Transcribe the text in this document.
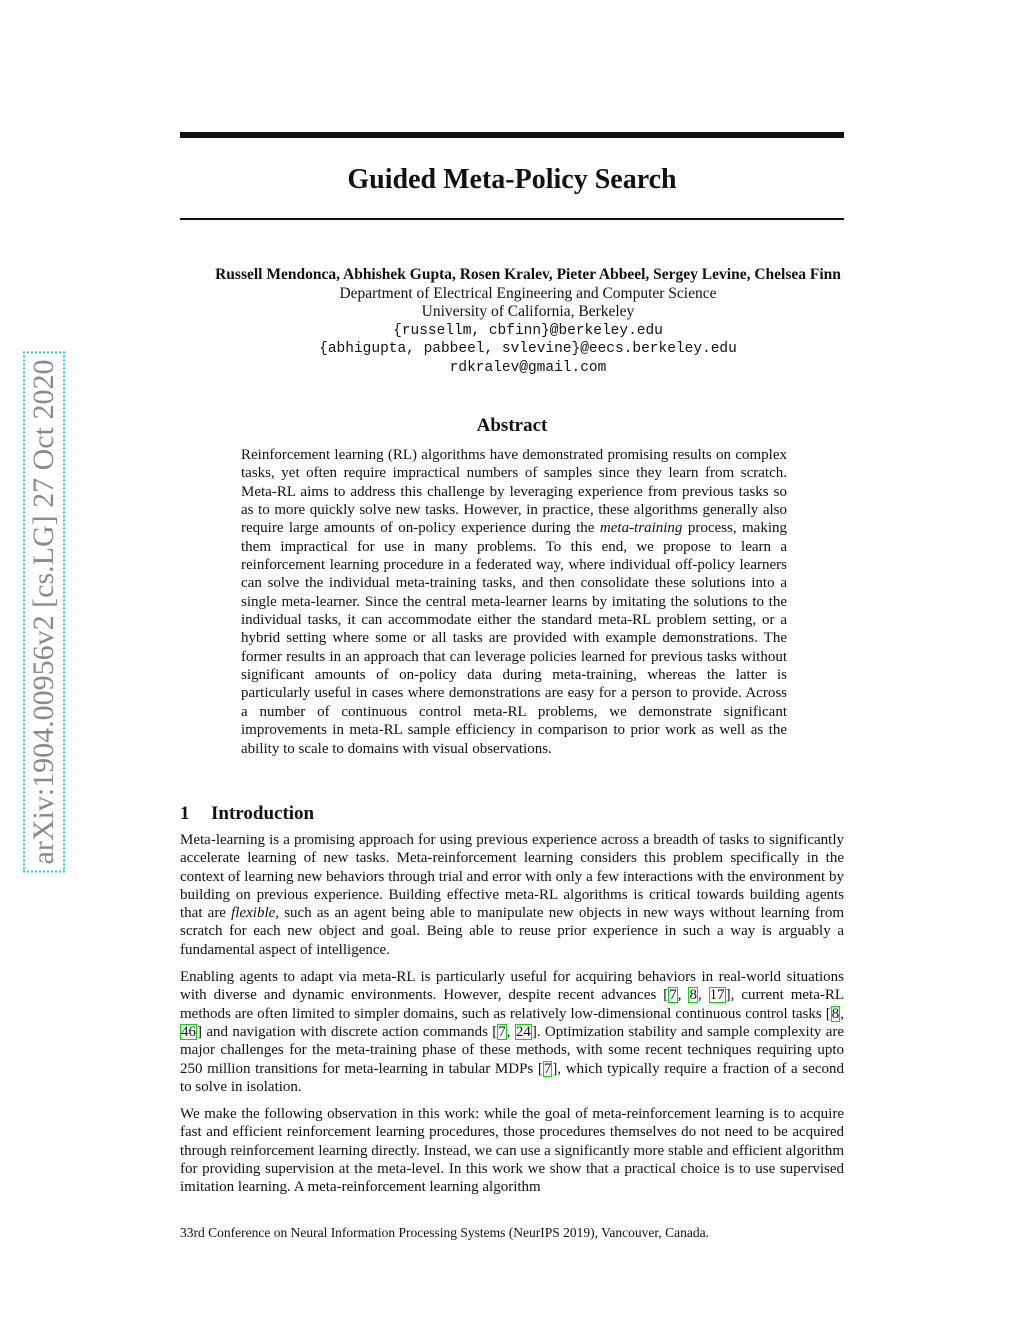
arXiv:1904.00956v2 [cs.LG] 27 Oct 2020
Guided Meta-Policy Search
Russell Mendonca, Abhishek Gupta, Rosen Kralev, Pieter Abbeel, Sergey Levine, Chelsea Finn
Department of Electrical Engineering and Computer Science
University of California, Berkeley
{russellm, cbfinn}@berkeley.edu
{abhigupta, pabbeel, svlevine}@eecs.berkeley.edu
rdkralev@gmail.com
Abstract
Reinforcement learning (RL) algorithms have demonstrated promising results on complex tasks, yet often require impractical numbers of samples since they learn from scratch. Meta-RL aims to address this challenge by leveraging experience from previous tasks so as to more quickly solve new tasks. However, in practice, these algorithms generally also require large amounts of on-policy experience during the meta-training process, making them impractical for use in many problems. To this end, we propose to learn a reinforcement learning procedure in a federated way, where individual off-policy learners can solve the individual meta-training tasks, and then consolidate these solutions into a single meta-learner. Since the central meta-learner learns by imitating the solutions to the individual tasks, it can accommodate either the standard meta-RL problem setting, or a hybrid setting where some or all tasks are provided with example demonstrations. The former results in an approach that can leverage policies learned for previous tasks without significant amounts of on-policy data during meta-training, whereas the latter is particularly useful in cases where demonstrations are easy for a person to provide. Across a number of continuous control meta-RL problems, we demonstrate significant improvements in meta-RL sample efficiency in comparison to prior work as well as the ability to scale to domains with visual observations.
1 Introduction

Meta-learning is a promising approach for using previous experience across a breadth of tasks to significantly accelerate learning of new tasks. Meta-reinforcement learning considers this problem specifically in the context of learning new behaviors through trial and error with only a few interactions with the environment by building on previous experience. Building effective meta-RL algorithms is critical towards building agents that are flexible, such as an agent being able to manipulate new objects in new ways without learning from scratch for each new object and goal. Being able to reuse prior experience in such a way is arguably a fundamental aspect of intelligence.

Enabling agents to adapt via meta-RL is particularly useful for acquiring behaviors in real-world situations with diverse and dynamic environments. However, despite recent advances [7, 8, 17], current meta-RL methods are often limited to simpler domains, such as relatively low-dimensional continuous control tasks [8, 46] and navigation with discrete action commands [7, 24]. Optimization stability and sample complexity are major challenges for the meta-training phase of these methods, with some recent techniques requiring upto 250 million transitions for meta-learning in tabular MDPs [7], which typically require a fraction of a second to solve in isolation.

We make the following observation in this work: while the goal of meta-reinforcement learning is to acquire fast and efficient reinforcement learning procedures, those procedures themselves do not need to be acquired through reinforcement learning directly. Instead, we can use a significantly more stable and efficient algorithm for providing supervision at the meta-level. In this work we show that a practical choice is to use supervised imitation learning. A meta-reinforcement learning algorithm

33rd Conference on Neural Information Processing Systems (NeurIPS 2019), Vancouver, Canada.
